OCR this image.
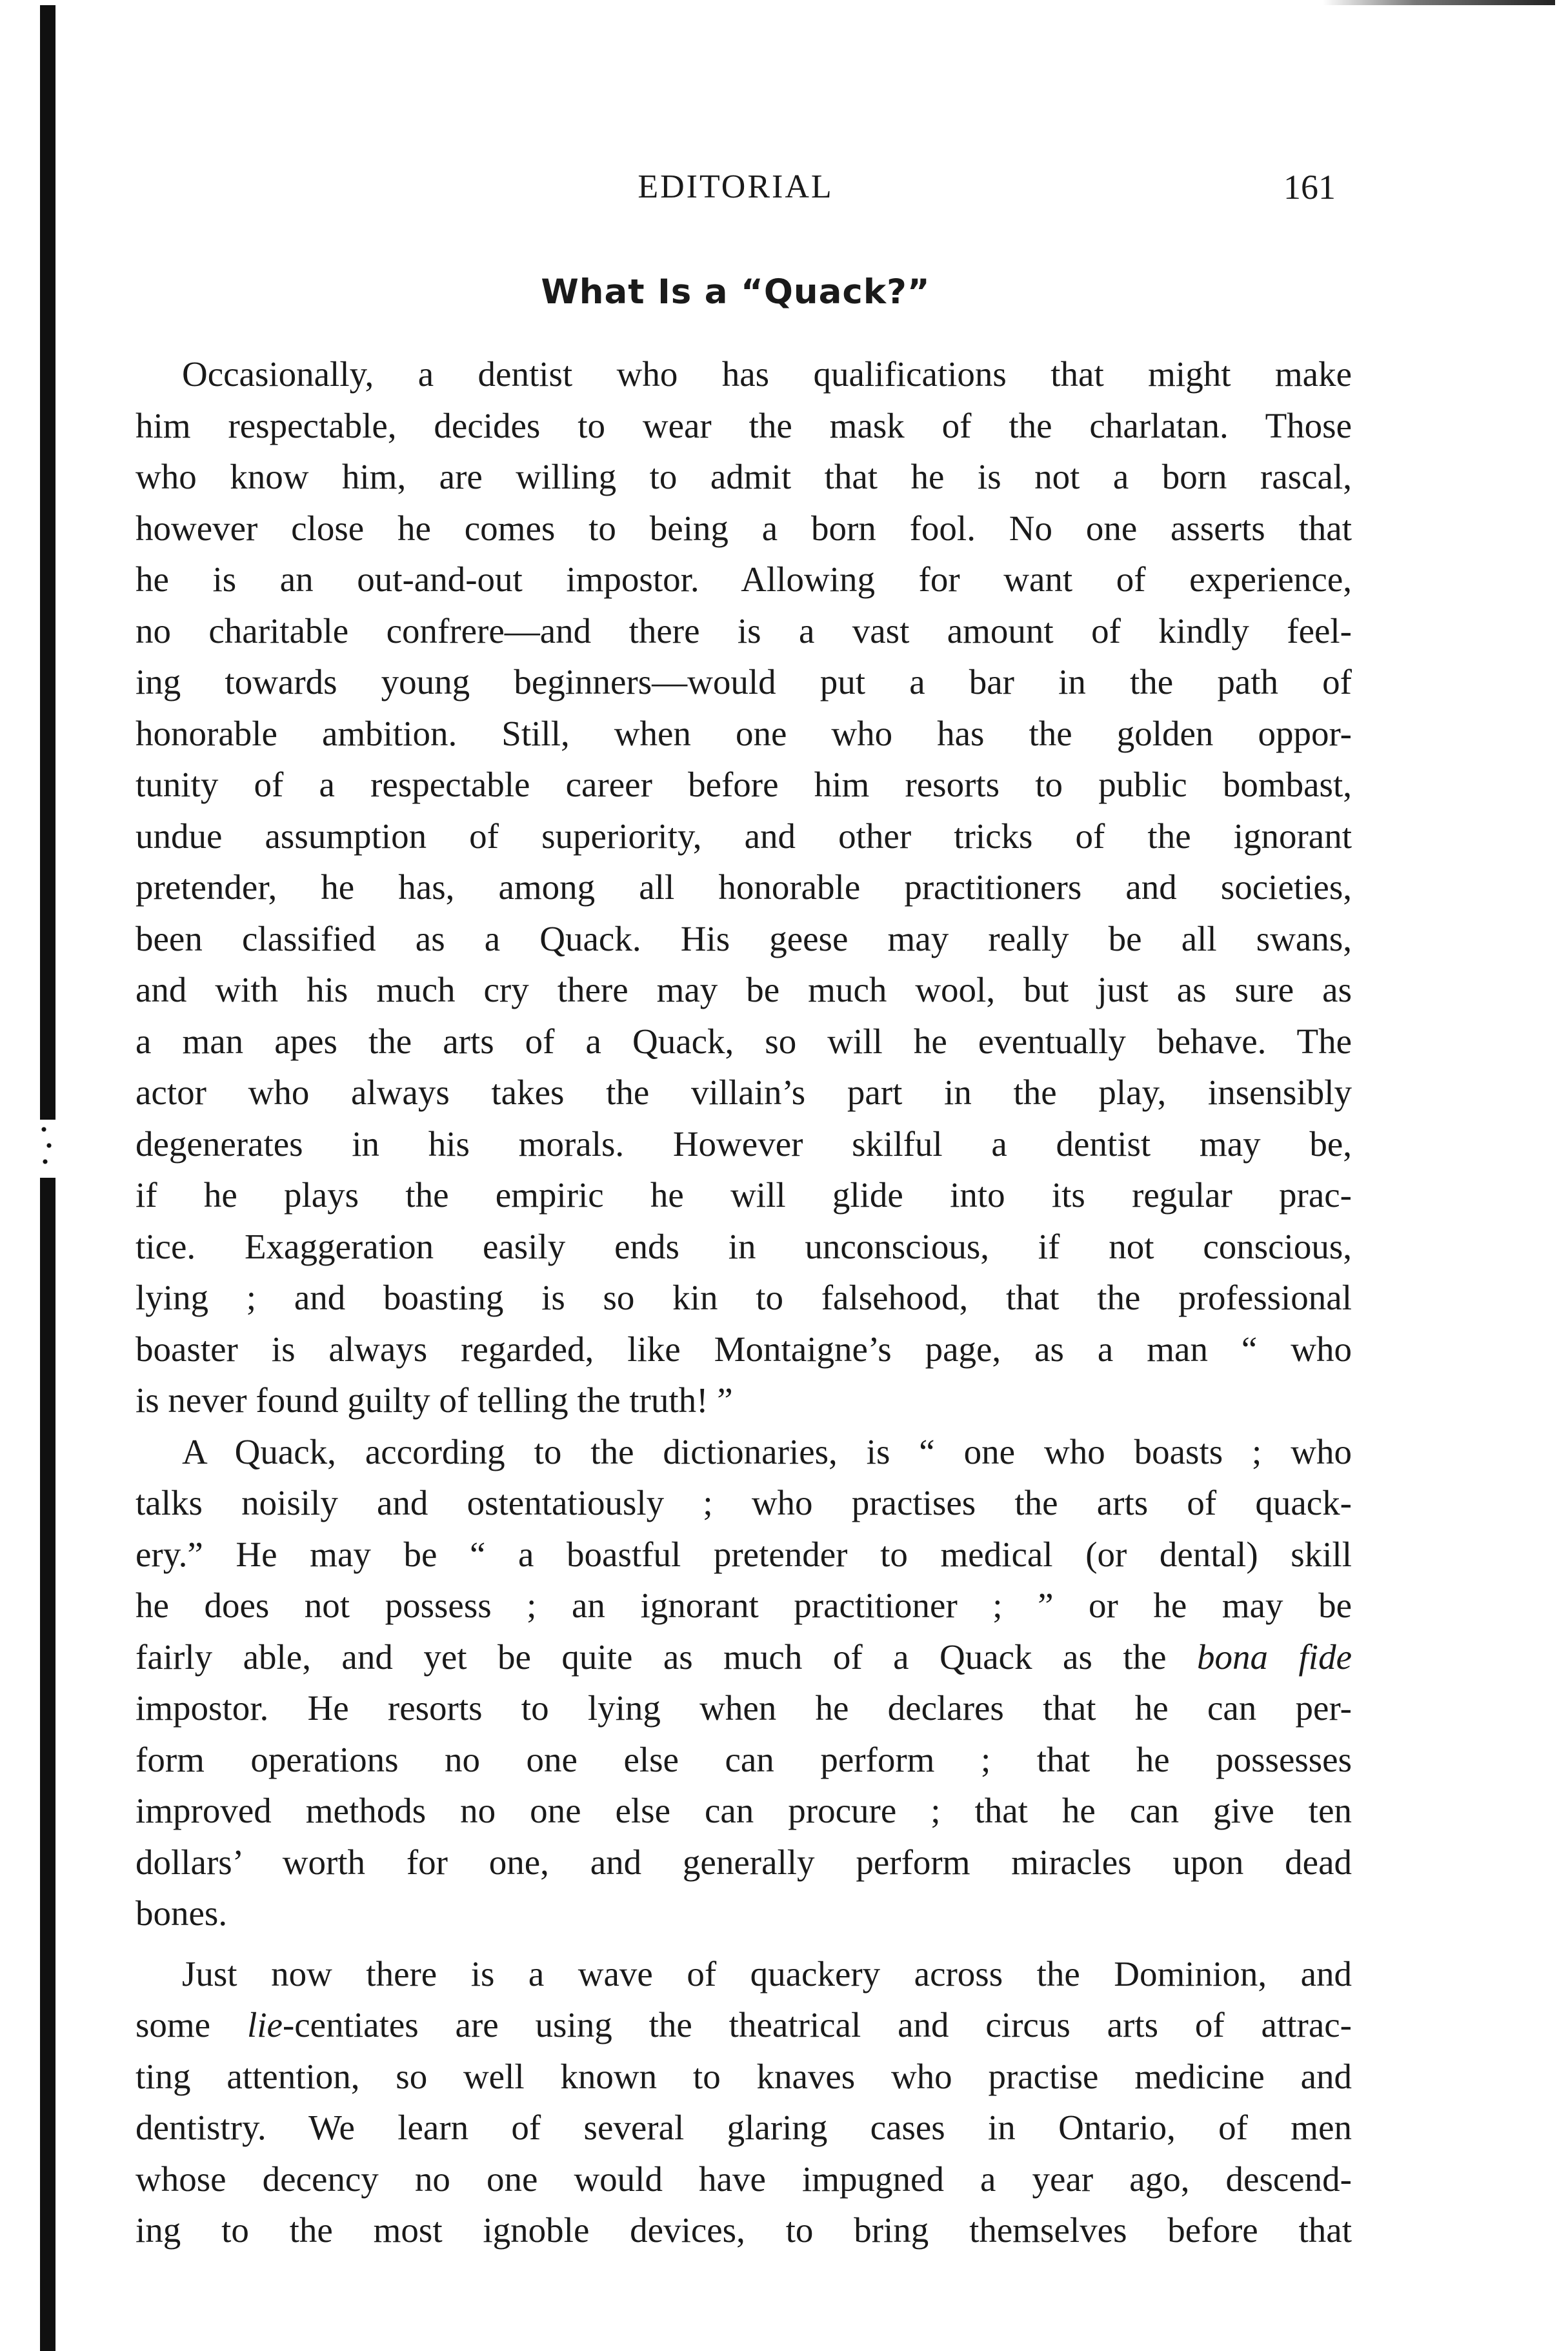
EDITORIAL	161
What Is a “Quack?”
Occasionally, a dentist who has qualifications that might make
him respectable, decides to wear the mask of the charlatan. Those
who know him, are willing to admit that he is not a born rascal,
however close he comes to being a born fool. No one asserts that
he is an out-and-out impostor. Allowing for want of experience,
no charitable confrere—and there is a vast amount of kindly feel-
ing towards young beginners—would put a bar in the path of
honorable ambition. Still, when one who has the golden oppor-
tunity of a respectable career before him resorts to public bombast,
undue assumption of superiority, and other tricks of the ignorant
pretender, he has, among all honorable practitioners and societies,
been classified as a Quack. His geese may really be all swans,
and with his much cry there may be much wool, but just as sure as
a man apes the arts of a Quack, so will he eventually behave. The
actor who always takes the villain’s part in the play, insensibly
degenerates in his morals. However skilful a dentist may be,
if he plays the empiric he will glide into its regular prac-
tice. Exaggeration easily ends in unconscious, if not conscious,
lying ; and boasting is so kin to falsehood, that the professional
boaster is always regarded, like Montaigne’s page, as a man “ who
is never found guilty of telling the truth! ”
A Quack, according to the dictionaries, is “ one who boasts ; who
talks noisily and ostentatiously ; who practises the arts of quack-
ery.” He may be “ a boastful pretender to medical (or dental) skill
he does not possess ; an ignorant practitioner ; ” or he may be
fairly able, and yet be quite as much of a Quack as the bona fide
impostor. He resorts to lying when he declares that he can per-
form operations no one else can perform ; that he possesses
improved methods no one else can procure ; that he can give ten
dollars’ worth for one, and generally perform miracles upon dead
bones.
Just now there is a wave of quackery across the Dominion, and
some lie-centiates are using the theatrical and circus arts of attrac-
ting attention, so well known to knaves who practise medicine and
dentistry. We learn of several glaring cases in Ontario, of men
whose decency no one would have impugned a year ago, descend-
ing to the most ignoble devices, to bring themselves before that
